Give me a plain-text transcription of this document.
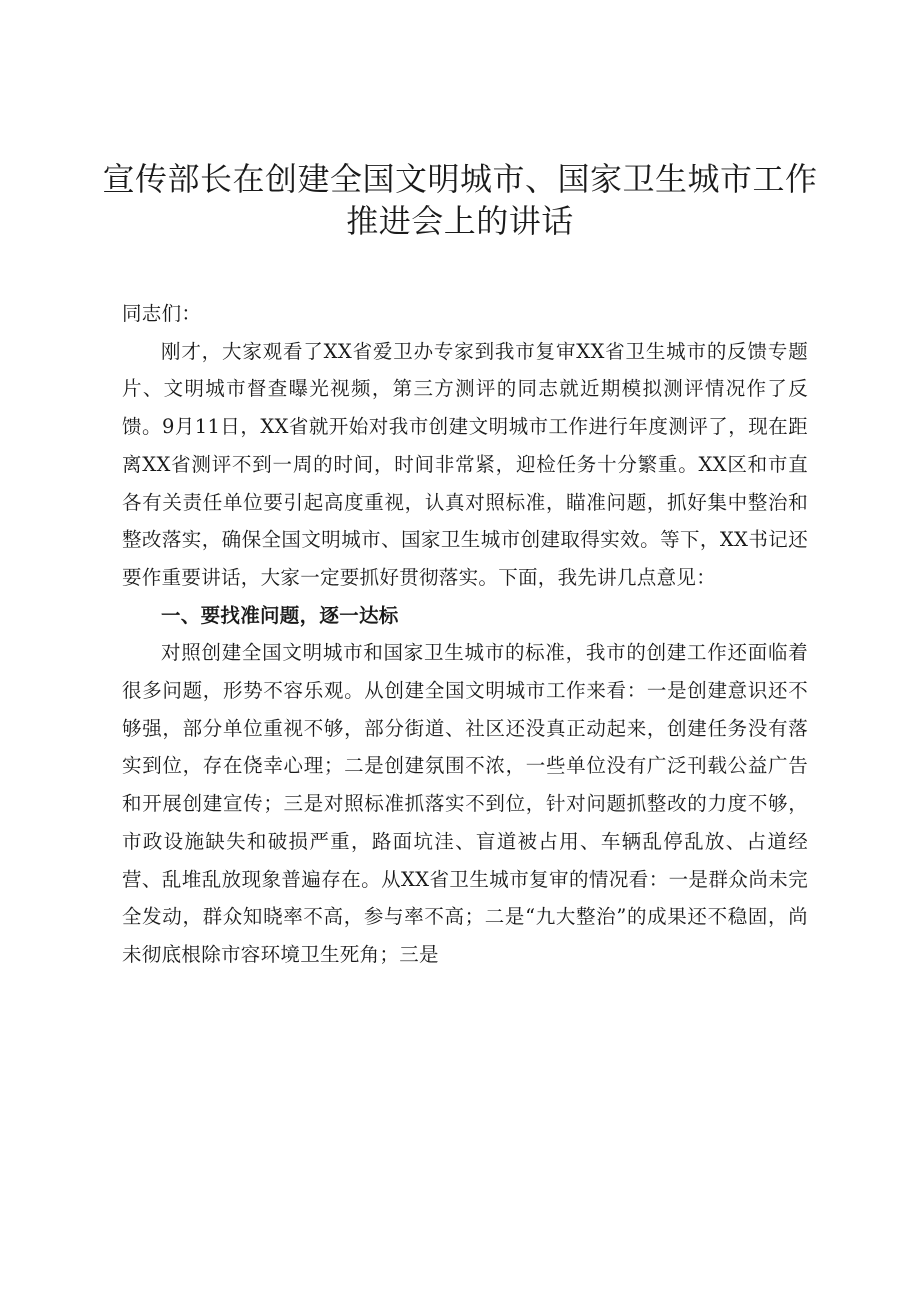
宣传部长在创建全国文明城市、国家卫生城市工作推进会上的讲话

同志们：

刚才，大家观看了XX省爱卫办专家到我市复审XX省卫生城市的反馈专题片、文明城市督查曝光视频，第三方测评的同志就近期模拟测评情况作了反馈。9月11日，XX省就开始对我市创建文明城市工作进行年度测评了，现在距离XX省测评不到一周的时间，时间非常紧，迎检任务十分繁重。XX区和市直各有关责任单位要引起高度重视，认真对照标准，瞄准问题，抓好集中整治和整改落实，确保全国文明城市、国家卫生城市创建取得实效。等下，XX书记还要作重要讲话，大家一定要抓好贯彻落实。下面，我先讲几点意见：

一、要找准问题，逐一达标

对照创建全国文明城市和国家卫生城市的标准，我市的创建工作还面临着很多问题，形势不容乐观。从创建全国文明城市工作来看：一是创建意识还不够强，部分单位重视不够，部分街道、社区还没真正动起来，创建任务没有落实到位，存在侥幸心理；二是创建氛围不浓，一些单位没有广泛刊载公益广告和开展创建宣传；三是对照标准抓落实不到位，针对问题抓整改的力度不够，市政设施缺失和破损严重，路面坑洼、盲道被占用、车辆乱停乱放、占道经营、乱堆乱放现象普遍存在。从XX省卫生城市复审的情况看：一是群众尚未完全发动，群众知晓率不高，参与率不高；二是“九大整治”的成果还不稳固，尚未彻底根除市容环境卫生死角；三是
